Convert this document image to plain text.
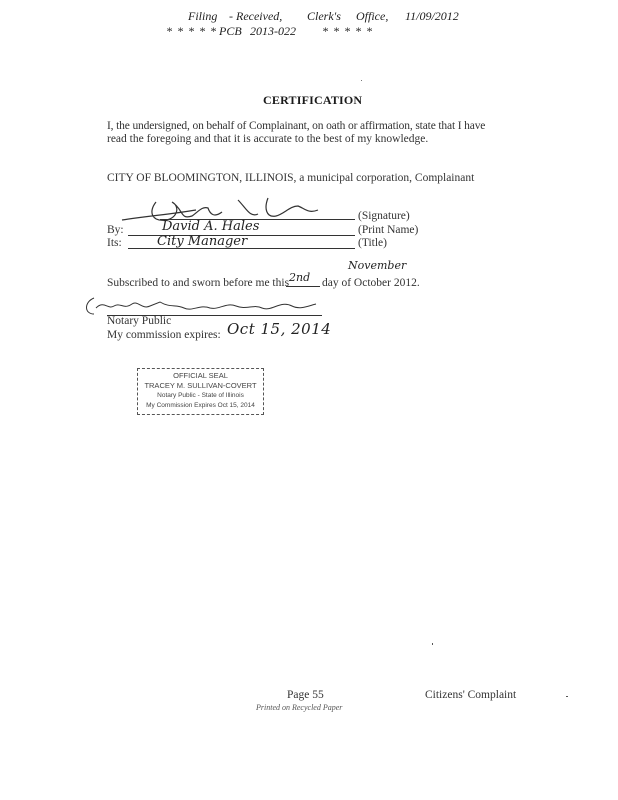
Filing - Received, Clerk's Office, 11/09/2012
* * * * * PCB 2013-022 * * * * *
CERTIFICATION
I, the undersigned, on behalf of Complainant, on oath or affirmation, state that I have
read the foregoing and that it is accurate to the best of my knowledge.
CITY OF BLOOMINGTON, ILLINOIS, a municipal corporation, Complainant
(Signature)
By:	David A. Hales	(Print Name)
Its:	City Manager	(Title)
November
Subscribed to and sworn before me this 2nd day of October 2012.
Notary Public
My commission expires: Oct 15, 2014
OFFICIAL SEAL
TRACEY M. SULLIVAN-COVERT
Notary Public - State of Illinois
My Commission Expires Oct 15, 2014
Page 55	Citizens' Complaint
Printed on Recycled Paper
